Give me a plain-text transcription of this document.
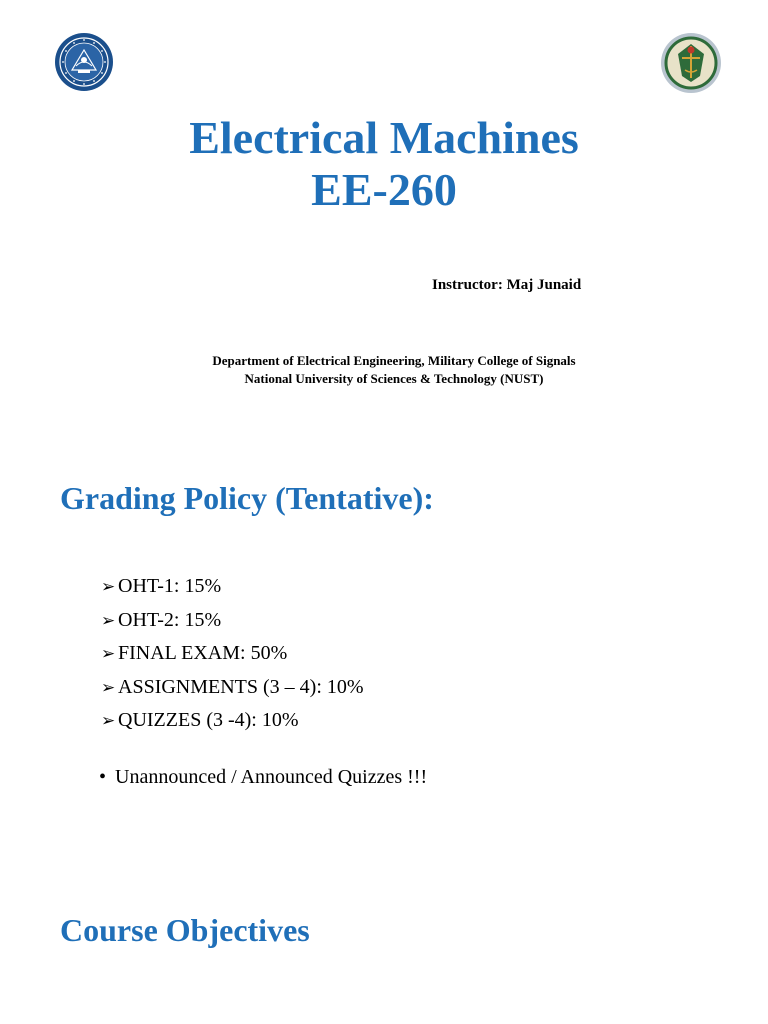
Electrical Machines
EE-260
Instructor: Maj Junaid
Department of Electrical Engineering, Military College of Signals
National University of Sciences & Technology (NUST)
Grading Policy (Tentative):
➢ OHT-1: 15%
➢ OHT-2: 15%
➢ FINAL EXAM: 50%
➢ ASSIGNMENTS (3 – 4): 10%
➢ QUIZZES (3 -4): 10%
• Unannounced / Announced Quizzes !!!
Course Objectives
